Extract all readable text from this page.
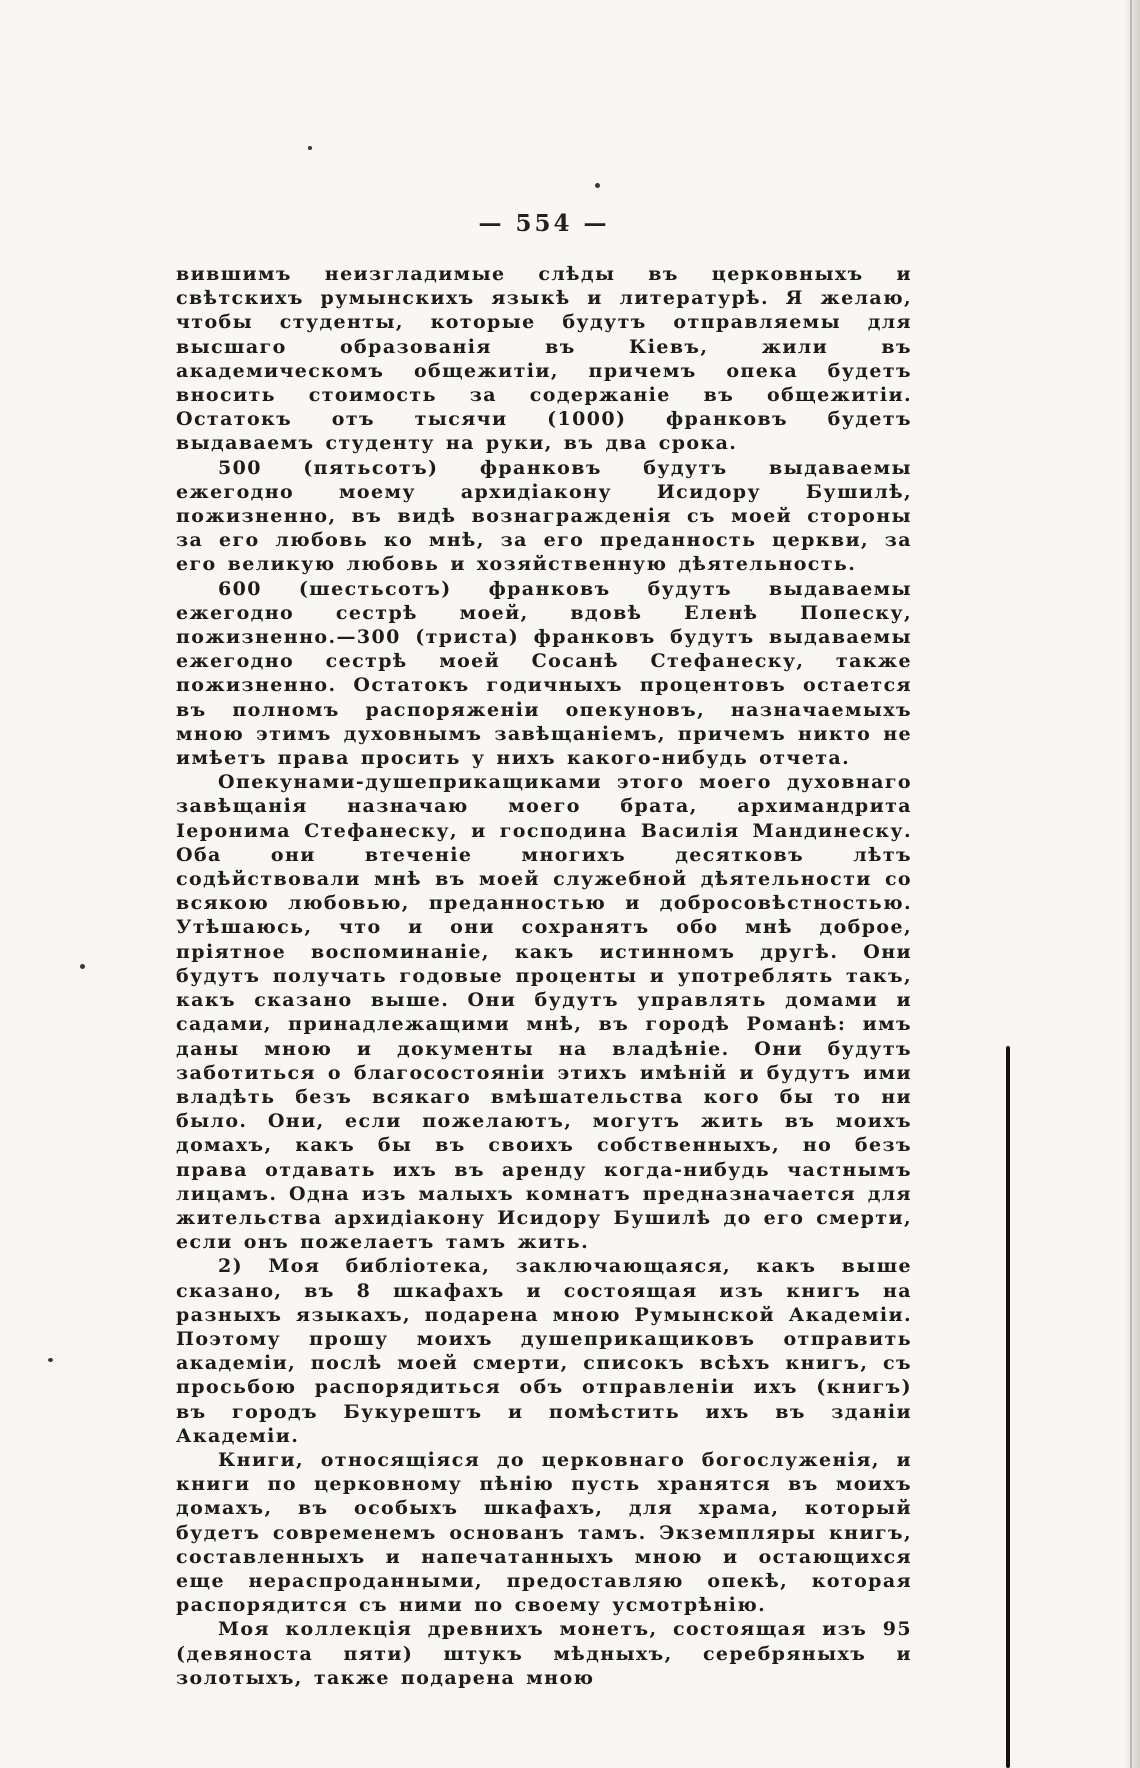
— 554 —

вившимъ неизгладимые слѣды въ церковныхъ и свѣтскихъ румынскихъ языкѣ и литературѣ. Я желаю, чтобы студенты, которые будутъ отправляемы для высшаго образованія въ Кіевъ, жили въ академическомъ общежитіи, причемъ опека будетъ вносить стоимость за содержаніе въ общежитіи. Остатокъ отъ тысячи (1000) франковъ будетъ выдаваемъ студенту на руки, въ два срока.

500 (пятьсотъ) франковъ будутъ выдаваемы ежегодно моему архидіакону Исидору Бушилѣ, пожизненно, въ видѣ вознагражденія съ моей стороны за его любовь ко мнѣ, за его преданность церкви, за его великую любовь и хозяйственную дѣятельность.

600 (шестьсотъ) франковъ будутъ выдаваемы ежегодно сестрѣ моей, вдовѣ Еленѣ Попеску, пожизненно.—300 (триста) франковъ будутъ выдаваемы ежегодно сестрѣ моей Сосанѣ Стефанеску, также пожизненно. Остатокъ годичныхъ процентовъ остается въ полномъ распоряженіи опекуновъ, назначаемыхъ мною этимъ духовнымъ завѣщаніемъ, причемъ никто не имѣетъ права просить у нихъ какого-нибудь отчета.

Опекунами-душеприкащиками этого моего духовнаго завѣщанія назначаю моего брата, архимандрита Іеронима Стефанеску, и господина Василія Мандинеску. Оба они втеченіе многихъ десятковъ лѣтъ содѣйствовали мнѣ въ моей служебной дѣятельности со всякою любовью, преданностью и добросовѣстностью. Утѣшаюсь, что и они сохранятъ обо мнѣ доброе, пріятное воспоминаніе, какъ истинномъ другѣ. Они будутъ получать годовые проценты и употреблять такъ, какъ сказано выше. Они будутъ управлять домами и садами, принадлежащими мнѣ, въ городѣ Романѣ: имъ даны мною и документы на владѣніе. Они будутъ заботиться о благосостояніи этихъ имѣній и будутъ ими владѣть безъ всякаго вмѣшательства кого бы то ни было. Они, если пожелаютъ, могутъ жить въ моихъ домахъ, какъ бы въ своихъ собственныхъ, но безъ права отдавать ихъ въ аренду когда-нибудь частнымъ лицамъ. Одна изъ малыхъ комнатъ предназначается для жительства архидіакону Исидору Бушилѣ до его смерти, если онъ пожелаетъ тамъ жить.

2) Моя библіотека, заключающаяся, какъ выше сказано, въ 8 шкафахъ и состоящая изъ книгъ на разныхъ языкахъ, подарена мною Румынской Академіи. Поэтому прошу моихъ душеприкащиковъ отправить академіи, послѣ моей смерти, списокъ всѣхъ книгъ, съ просьбою распорядиться объ отправленіи ихъ (книгъ) въ городъ Букурештъ и помѣстить ихъ въ зданіи Академіи.

Книги, относящіяся до церковнаго богослуженія, и книги по церковному пѣнію пусть хранятся въ моихъ домахъ, въ особыхъ шкафахъ, для храма, который будетъ современемъ основанъ тамъ. Экземпляры книгъ, составленныхъ и напечатанныхъ мною и остающихся еще нераспроданными, предоставляю опекѣ, которая распорядится съ ними по своему усмотрѣнію.

Моя коллекція древнихъ монетъ, состоящая изъ 95 (девяноста пяти) штукъ мѣдныхъ, серебряныхъ и золотыхъ, также подарена мною
